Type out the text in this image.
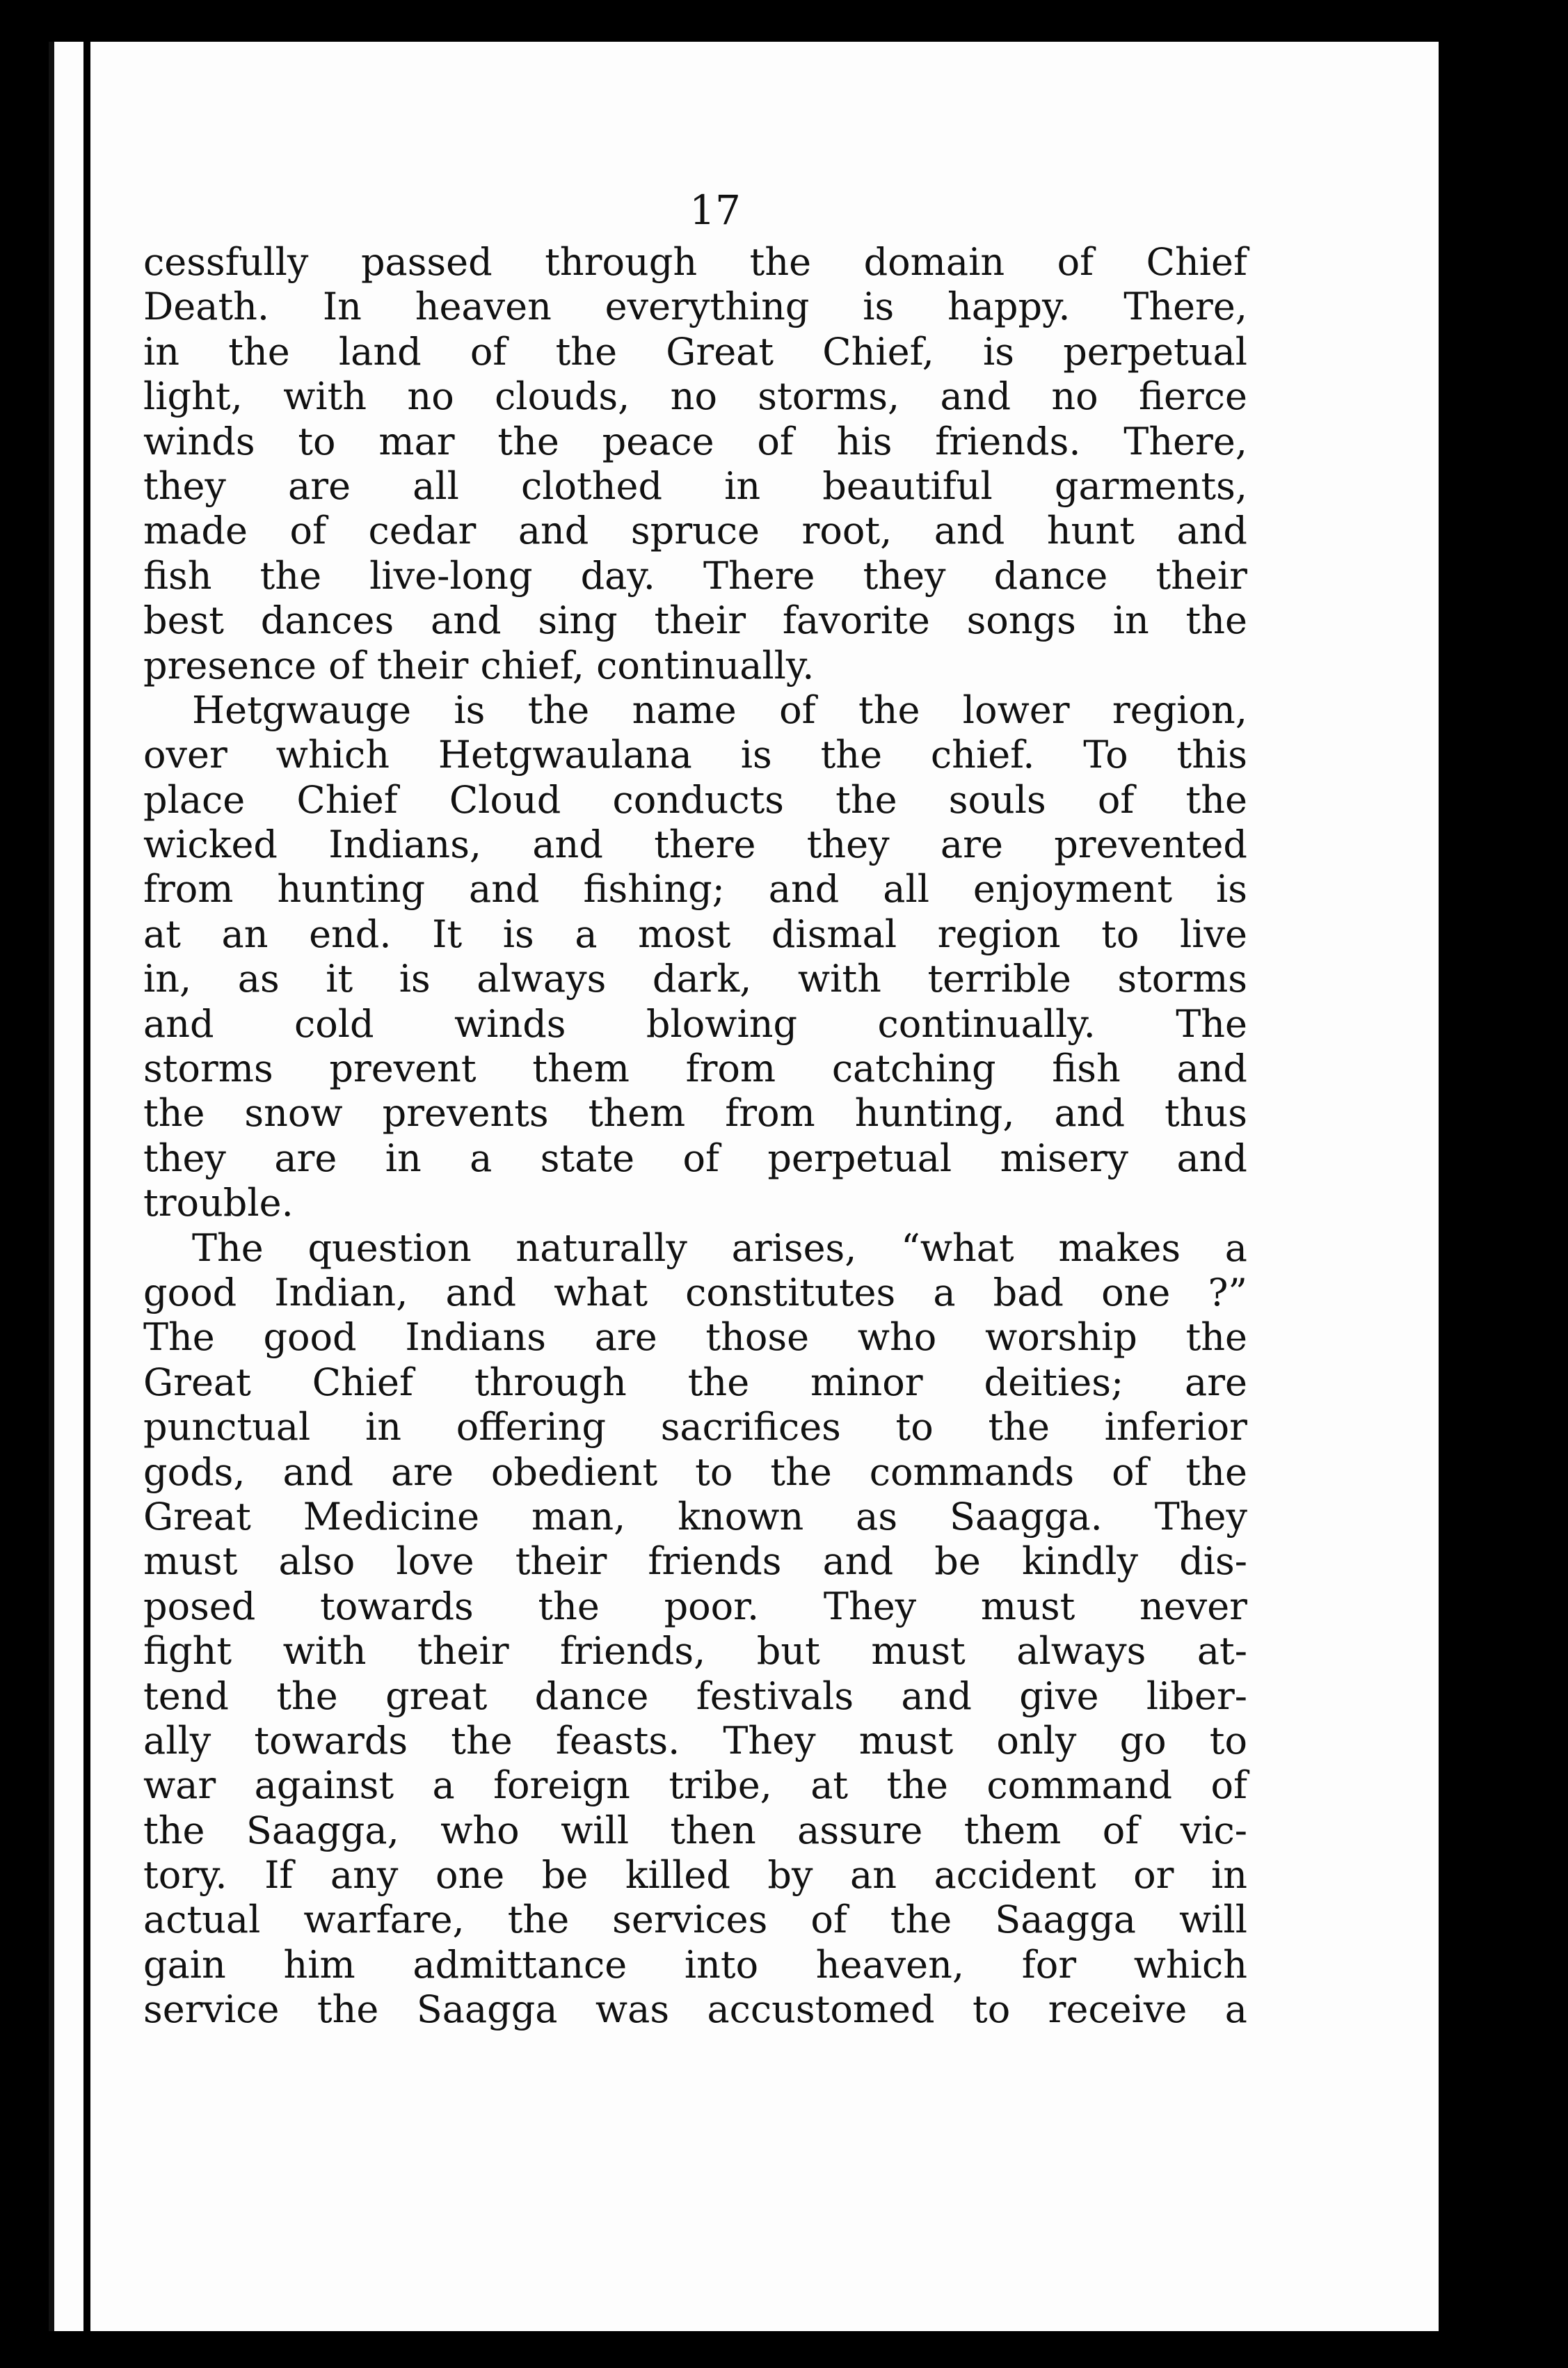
17
cessfully passed through the domain of Chief
Death. In heaven everything is happy. There,
in the land of the Great Chief, is perpetual
light, with no clouds, no storms, and no fierce
winds to mar the peace of his friends. There,
they are all clothed in beautiful garments,
made of cedar and spruce root, and hunt and
fish the live-long day. There they dance their
best dances and sing their favorite songs in the
presence of their chief, continually.
Hetgwauge is the name of the lower region,
over which Hetgwaulana is the chief. To this
place Chief Cloud conducts the souls of the
wicked Indians, and there they are prevented
from hunting and fishing; and all enjoyment is
at an end. It is a most dismal region to live
in, as it is always dark, with terrible storms
and cold winds blowing continually. The
storms prevent them from catching fish and
the snow prevents them from hunting, and thus
they are in a state of perpetual misery and
trouble.
The question naturally arises, “what makes a
good Indian, and what constitutes a bad one ?”
The good Indians are those who worship the
Great Chief through the minor deities; are
punctual in offering sacrifices to the inferior
gods, and are obedient to the commands of the
Great Medicine man, known as Saagga. They
must also love their friends and be kindly dis-
posed towards the poor. They must never
fight with their friends, but must always at-
tend the great dance festivals and give liber-
ally towards the feasts. They must only go to
war against a foreign tribe, at the command of
the Saagga, who will then assure them of vic-
tory. If any one be killed by an accident or in
actual warfare, the services of the Saagga will
gain him admittance into heaven, for which
service the Saagga was accustomed to receive a
